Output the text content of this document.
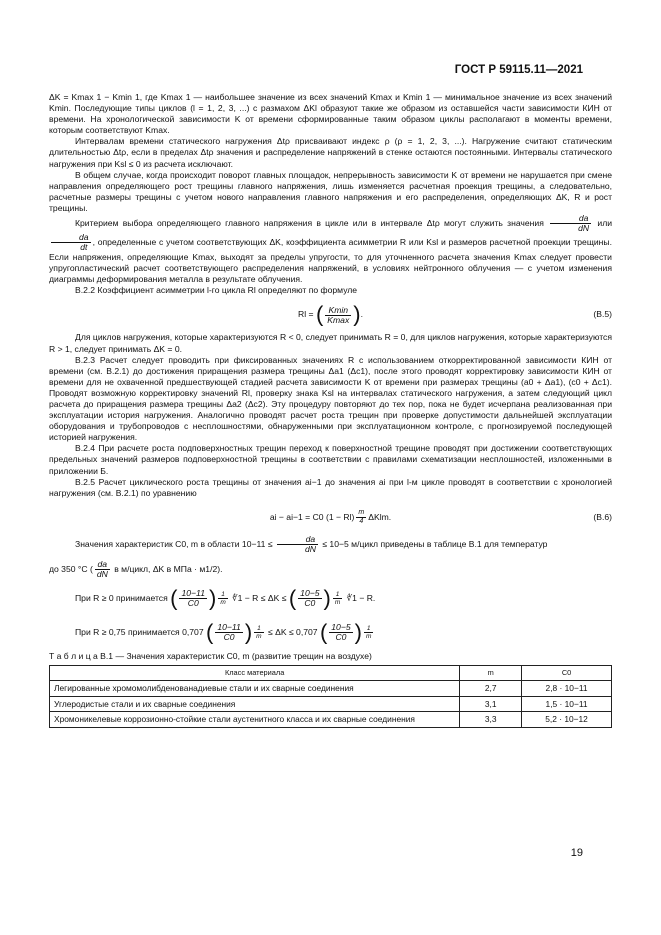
ГОСТ Р 59115.11—2021

ΔK = Kmax 1 − Kmin 1, где Kmax 1 — наибольшее значение из всех значений Kmax и Kmin 1 — минимальное значение из всех значений Kmin. Последующие типы циклов (l = 1, 2, 3, ...) с размахом ΔKl образуют такие же образом из оставшейся части зависимости КИН от времени. На хронологической зависимости K от времени сформированные таким образом циклы располагают в моменты времени, которым соответствуют Kmax.

Интервалам времени статического нагружения Δtρ присваивают индекс ρ (ρ = 1, 2, 3, ...). Нагружение считают статическим длительностью Δtρ, если в пределах Δtρ значения и распределение напряжений в стенке остаются постоянными. Интервалы статического нагружения при Ksl ≤ 0 из расчета исключают.

В общем случае, когда происходит поворот главных площадок, непрерывность зависимости K от времени не нарушается при смене направления определяющего рост трещины главного напряжения, лишь изменяется расчетная проекция трещины, а следовательно, расчетные размеры трещины с учетом нового направления главного напряжения и его распределения, определяющих ΔK, R и рост трещины.

Критерием выбора определяющего главного напряжения в цикле или в интервале Δtρ могут служить значения $\frac{da}{dN}$ или
$\frac{da}{dt}$ , определенные с учетом соответствующих ΔK, коэффициента асимметрии R или Ksl и размеров расчетной проекции трещины. Если напряжения, определяющие Kmax, выходят за пределы упругости, то для уточненного расчета значения Kmax следует провести упругопластический расчет соответствующего распределения напряжений, в условиях нейтронного облучения — с учетом изменения диаграммы деформирования металла в результате облучения.

В.2.2 Коэффициент асимметрии l-го цикла Rl определяют по формуле

Rl = ( Kmin
Kmax ).	(В.5)

Для циклов нагружения, которые характеризуются R < 0, следует принимать R = 0, для циклов нагружения, которые характеризуются R > 1, следует принимать ΔK = 0.

В.2.3 Расчет следует проводить при фиксированных значениях R с использованием откорректированной зависимости КИН от времени (см. В.2.1) до достижения приращения размера трещины Δa1 (Δc1), после этого проводят корректировку зависимости КИН от времени для не охваченной предшествующей стадией расчета зависимости K от времени при размерах трещины (a0 + Δa1), (c0 + Δc1). Проводят возможную корректировку значений Rl, проверку знака Ksl на интервалах статического нагружения, а затем следующий цикл расчета до приращения размера трещины Δa2 (Δc2). Эту процедуру повторяют до тех пор, пока не будет исчерпана реализованная при эксплуатации история нагружения. Аналогично проводят расчет роста трещин при проверке допустимости дальнейшей эксплуатации оборудования и трубопроводов с несплошностями, обнаруженными при эксплуатационном контроле, с прогнозируемой последующей историей нагружения.

В.2.4 При расчете роста подповерхностных трещин переход к поверхностной трещине проводят при достижении соответствующих предельных значений размеров подповерхностной трещины в соответствии с правилами схематизации несплошностей, изложенными в приложении Б.

В.2.5 Расчет циклического роста трещины от значения ai−1 до значения ai при l-м цикле проводят в соответствии с хронологией нагружения (см. В.2.1) по уравнению

ai − ai−1 = C0 $(1 - Rl) \frac{m}{4} \Delta Klm$.	(В.6)

Значения характеристик C0, m в области $10-11 \le \frac{da}{dN} \le 10-5$ м/цикл приведены в таблице В.1 для температур

до 350 °С ( $\frac{da}{dN}$ в м/цикл, ΔK в МПа · м1/2).

При R ≥ 0 принимается ( $\frac{10-11}{C0}$ ) $\frac{1}{m}$ ∜1 − R ≤ ΔK ≤ ( $\frac{10-5}{C0}$ ) $\frac{1}{m}$ ∜1 − R.
При R ≥ 0,75 принимается 0,707 ( $\frac{10-11}{C0}$ ) $\frac{1}{m} \le \Delta K \le 0,707$ ( $\frac{10-5}{C0}$ ) $\frac{1}{m}$

Т а б л и ц а В.1 — Значения характеристик C0, m (развитие трещин на воздухе)

Класс материала	m	C0
Легированные хромомолибденованадиевые стали и их сварные соединения	2,7	2,8 · 10−11
Углеродистые стали и их сварные соединения	3,1	1,5 · 10−11
Хромоникелевые коррозионно-стойкие стали аустенитного класса и их сварные соединения	3,3	5,2 · 10−12
19
